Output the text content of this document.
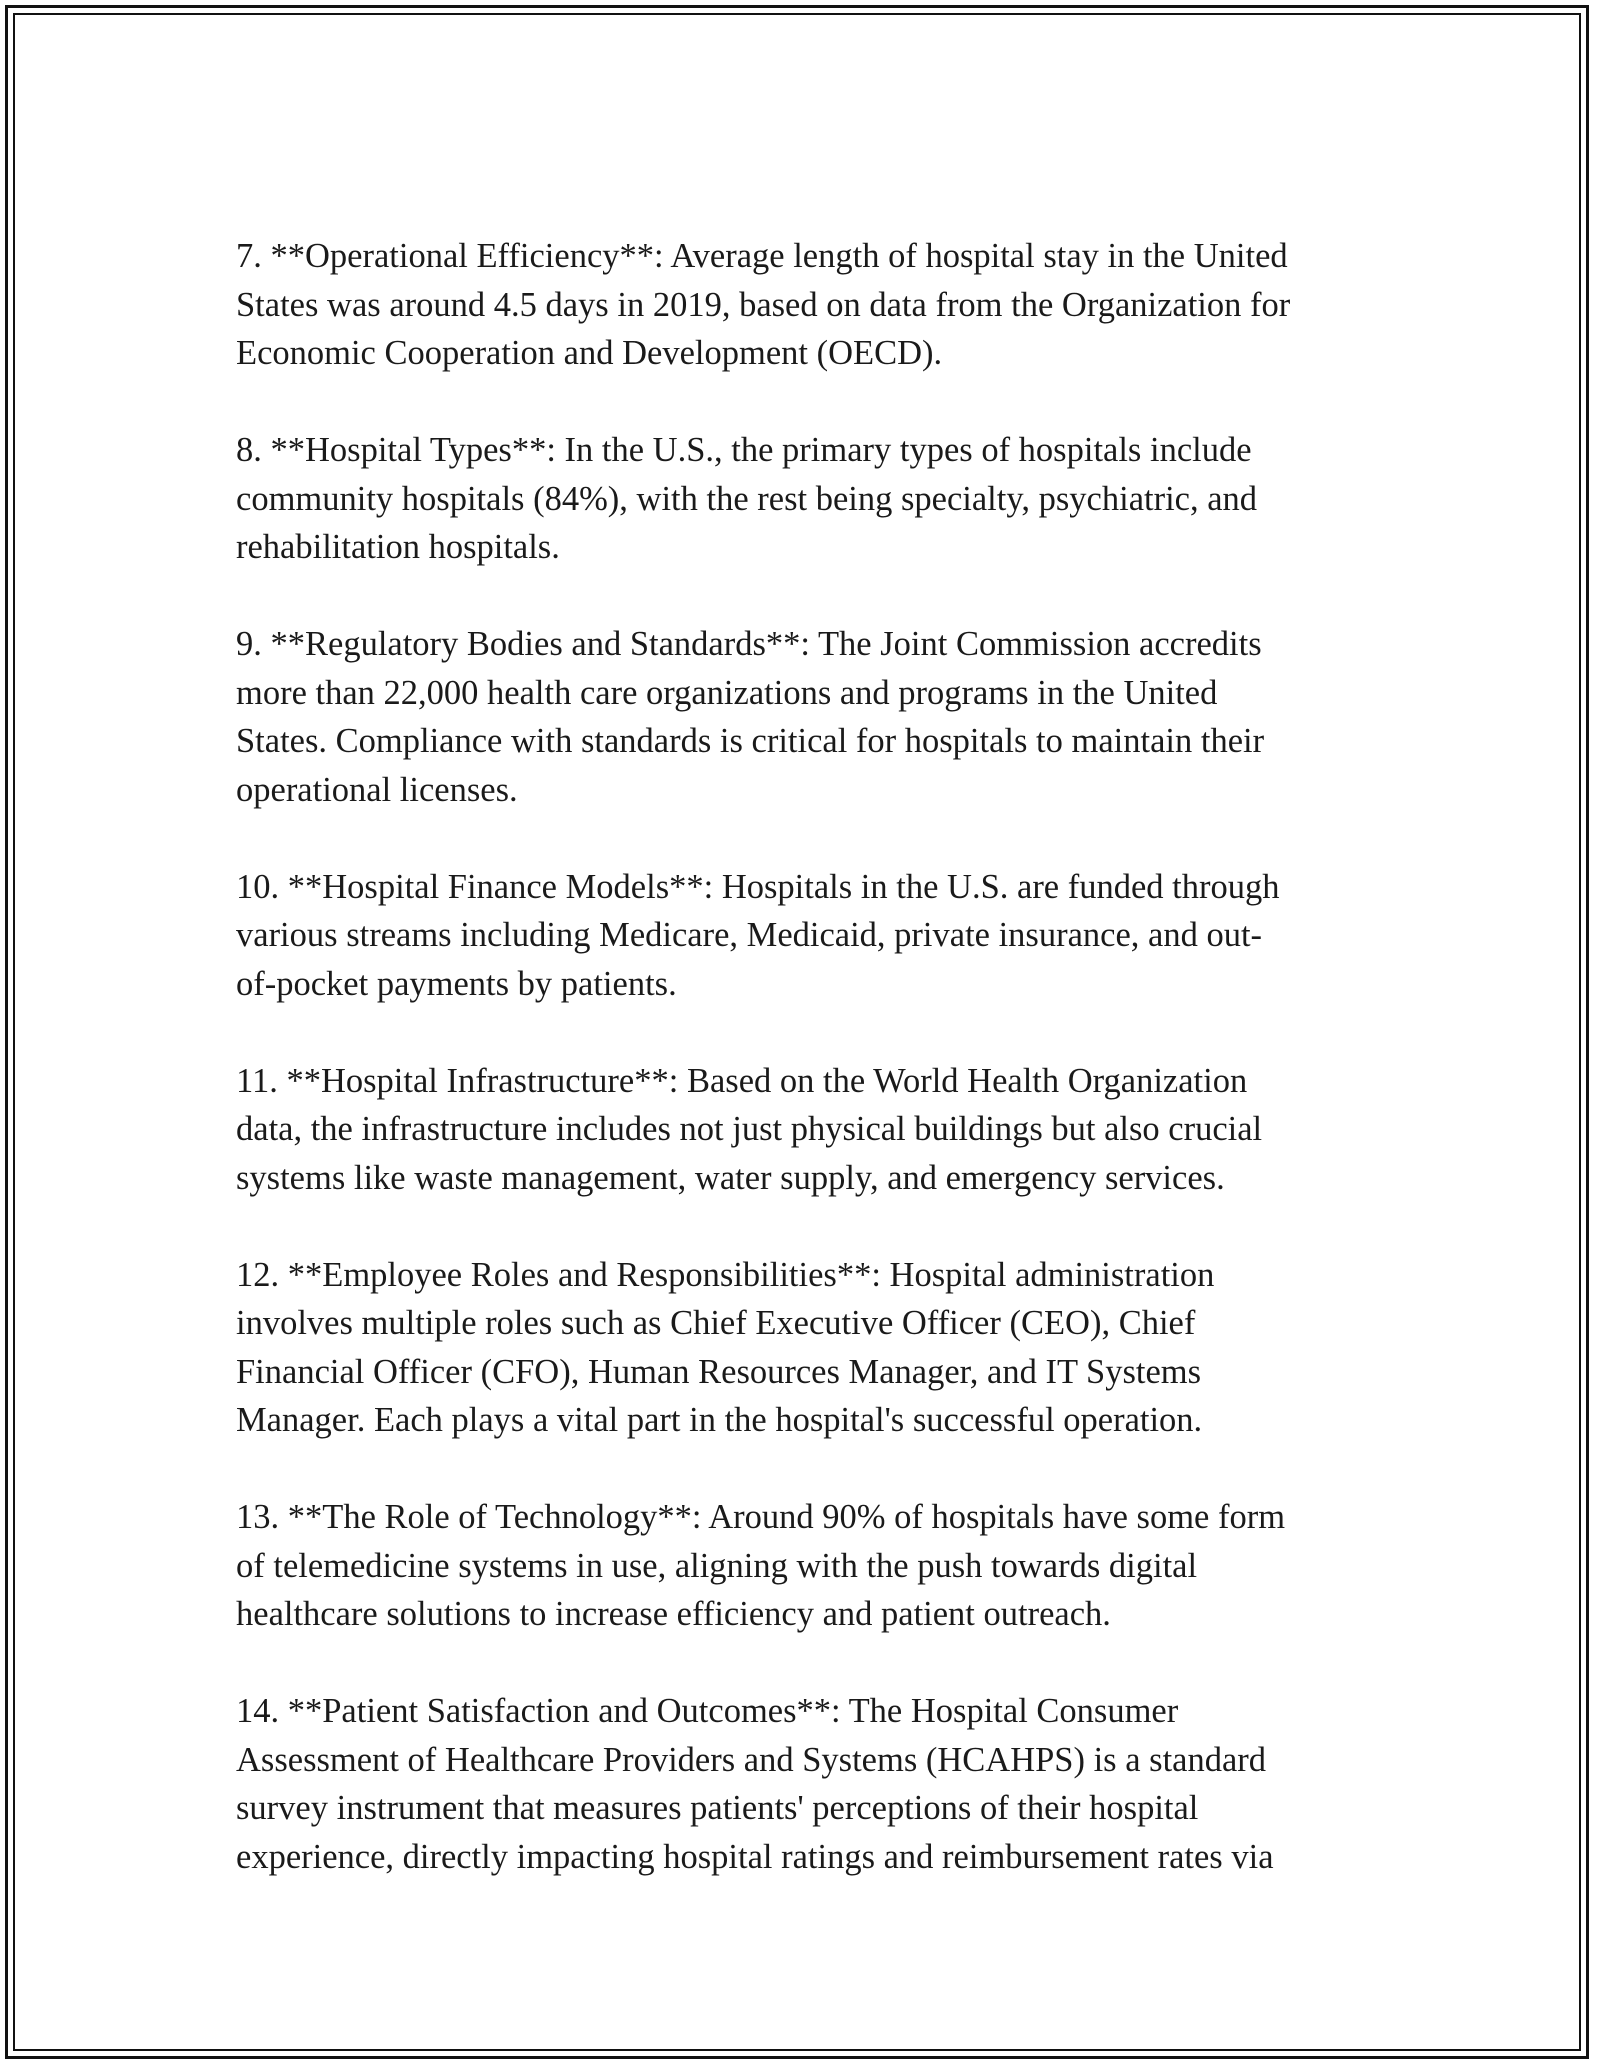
7. **Operational Efficiency**: Average length of hospital stay in the United
States was around 4.5 days in 2019, based on data from the Organization for
Economic Cooperation and Development (OECD).

8. **Hospital Types**: In the U.S., the primary types of hospitals include
community hospitals (84%), with the rest being specialty, psychiatric, and
rehabilitation hospitals.

9. **Regulatory Bodies and Standards**: The Joint Commission accredits
more than 22,000 health care organizations and programs in the United
States. Compliance with standards is critical for hospitals to maintain their
operational licenses.

10. **Hospital Finance Models**: Hospitals in the U.S. are funded through
various streams including Medicare, Medicaid, private insurance, and out-
of-pocket payments by patients.

11. **Hospital Infrastructure**: Based on the World Health Organization
data, the infrastructure includes not just physical buildings but also crucial
systems like waste management, water supply, and emergency services.

12. **Employee Roles and Responsibilities**: Hospital administration
involves multiple roles such as Chief Executive Officer (CEO), Chief
Financial Officer (CFO), Human Resources Manager, and IT Systems
Manager. Each plays a vital part in the hospital's successful operation.

13. **The Role of Technology**: Around 90% of hospitals have some form
of telemedicine systems in use, aligning with the push towards digital
healthcare solutions to increase efficiency and patient outreach.

14. **Patient Satisfaction and Outcomes**: The Hospital Consumer
Assessment of Healthcare Providers and Systems (HCAHPS) is a standard
survey instrument that measures patients' perceptions of their hospital
experience, directly impacting hospital ratings and reimbursement rates via
